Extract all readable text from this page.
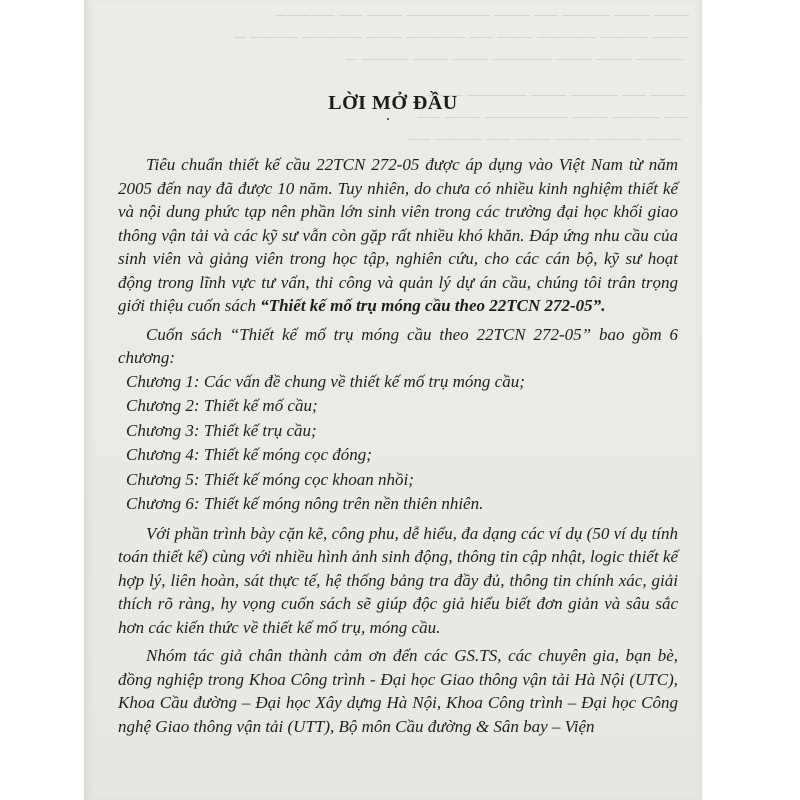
——— ——— ———— —— ——— ——————— ——— —— —————
——— ———— ————— ——— —— ————— ——— ————— ———— —
———— ——— ——— ————— ——— ——— ———— —
——— —— ———— ——— ————— ———
—— ———— ——— ——————— ——— ——
——— ———— ——— ——— —— ———— ——
LỜI MỞ ĐẦU

Tiêu chuẩn thiết kế cầu 22TCN 272-05 được áp dụng vào Việt Nam từ năm 2005 đến nay đã được 10 năm. Tuy nhiên, do chưa có nhiều kinh nghiệm thiết kế và nội dung phức tạp nên phần lớn sinh viên trong các trường đại học khối giao thông vận tải và các kỹ sư vẫn còn gặp rất nhiều khó khăn. Đáp ứng nhu cầu của sinh viên và giảng viên trong học tập, nghiên cứu, cho các cán bộ, kỹ sư hoạt động trong lĩnh vực tư vấn, thi công và quản lý dự án cầu, chúng tôi trân trọng giới thiệu cuốn sách “Thiết kế mố trụ móng cầu theo 22TCN 272-05”.

Cuốn sách “Thiết kế mố trụ móng cầu theo 22TCN 272-05” bao gồm 6 chương:

Chương 1: Các vấn đề chung về thiết kế mố trụ móng cầu;
Chương 2: Thiết kế mố cầu;
Chương 3: Thiết kế trụ cầu;
Chương 4: Thiết kế móng cọc đóng;
Chương 5: Thiết kế móng cọc khoan nhồi;
Chương 6: Thiết kế móng nông trên nền thiên nhiên.

Với phần trình bày cặn kẽ, công phu, dễ hiểu, đa dạng các ví dụ (50 ví dụ tính toán thiết kế) cùng với nhiều hình ảnh sinh động, thông tin cập nhật, logic thiết kế hợp lý, liên hoàn, sát thực tế, hệ thống bảng tra đầy đủ, thông tin chính xác, giải thích rõ ràng, hy vọng cuốn sách sẽ giúp độc giả hiểu biết đơn giản và sâu sắc hơn các kiến thức về thiết kế mố trụ, móng cầu.

Nhóm tác giả chân thành cảm ơn đến các GS.TS, các chuyên gia, bạn bè, đồng nghiệp trong Khoa Công trình - Đại học Giao thông vận tải Hà Nội (UTC), Khoa Cầu đường – Đại học Xây dựng Hà Nội, Khoa Công trình – Đại học Công nghệ Giao thông vận tải (UTT), Bộ môn Cầu đường & Sân bay – Viện
